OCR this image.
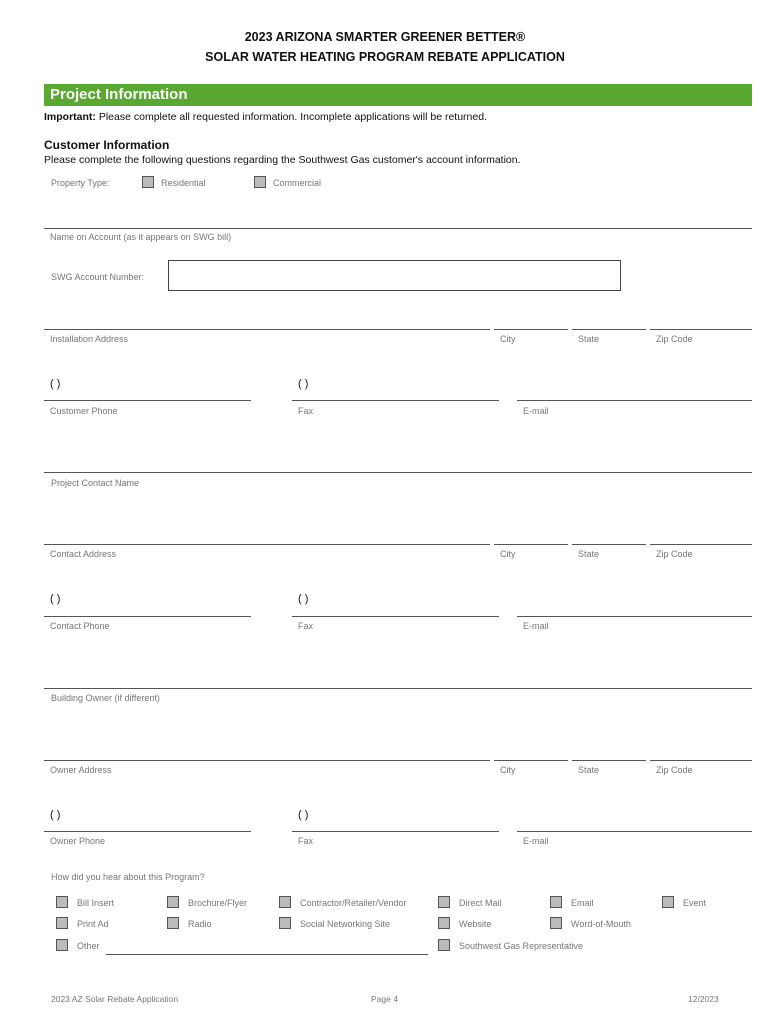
2023 ARIZONA SMARTER GREENER BETTER®
SOLAR WATER HEATING PROGRAM REBATE APPLICATION
Project Information
Important: Please complete all requested information. Incomplete applications will be returned.
Customer Information
Please complete the following questions regarding the Southwest Gas customer's account information.
Property Type:	Residential	Commercial
Name on Account (as it appears on SWG bill)
SWG Account Number:
Installation Address	City	State	Zip Code
( )	( )
Customer Phone	Fax	E-mail
Project Contact Name
Contact Address	City	State	Zip Code
( )	( )
Contact Phone	Fax	E-mail
Building Owner (if different)
Owner Address	City	State	Zip Code
( )	( )
Owner Phone	Fax	E-mail
How did you hear about this Program?
Bill Insert	Brochure/Flyer	Contractor/Retailer/Vendor	Direct Mail	Email	Event
Print Ad	Radio	Social Networking Site	Website	Word-of-Mouth
Other	Southwest Gas Representative
2023 AZ Solar Rebate Application	Page 4	12/2023
